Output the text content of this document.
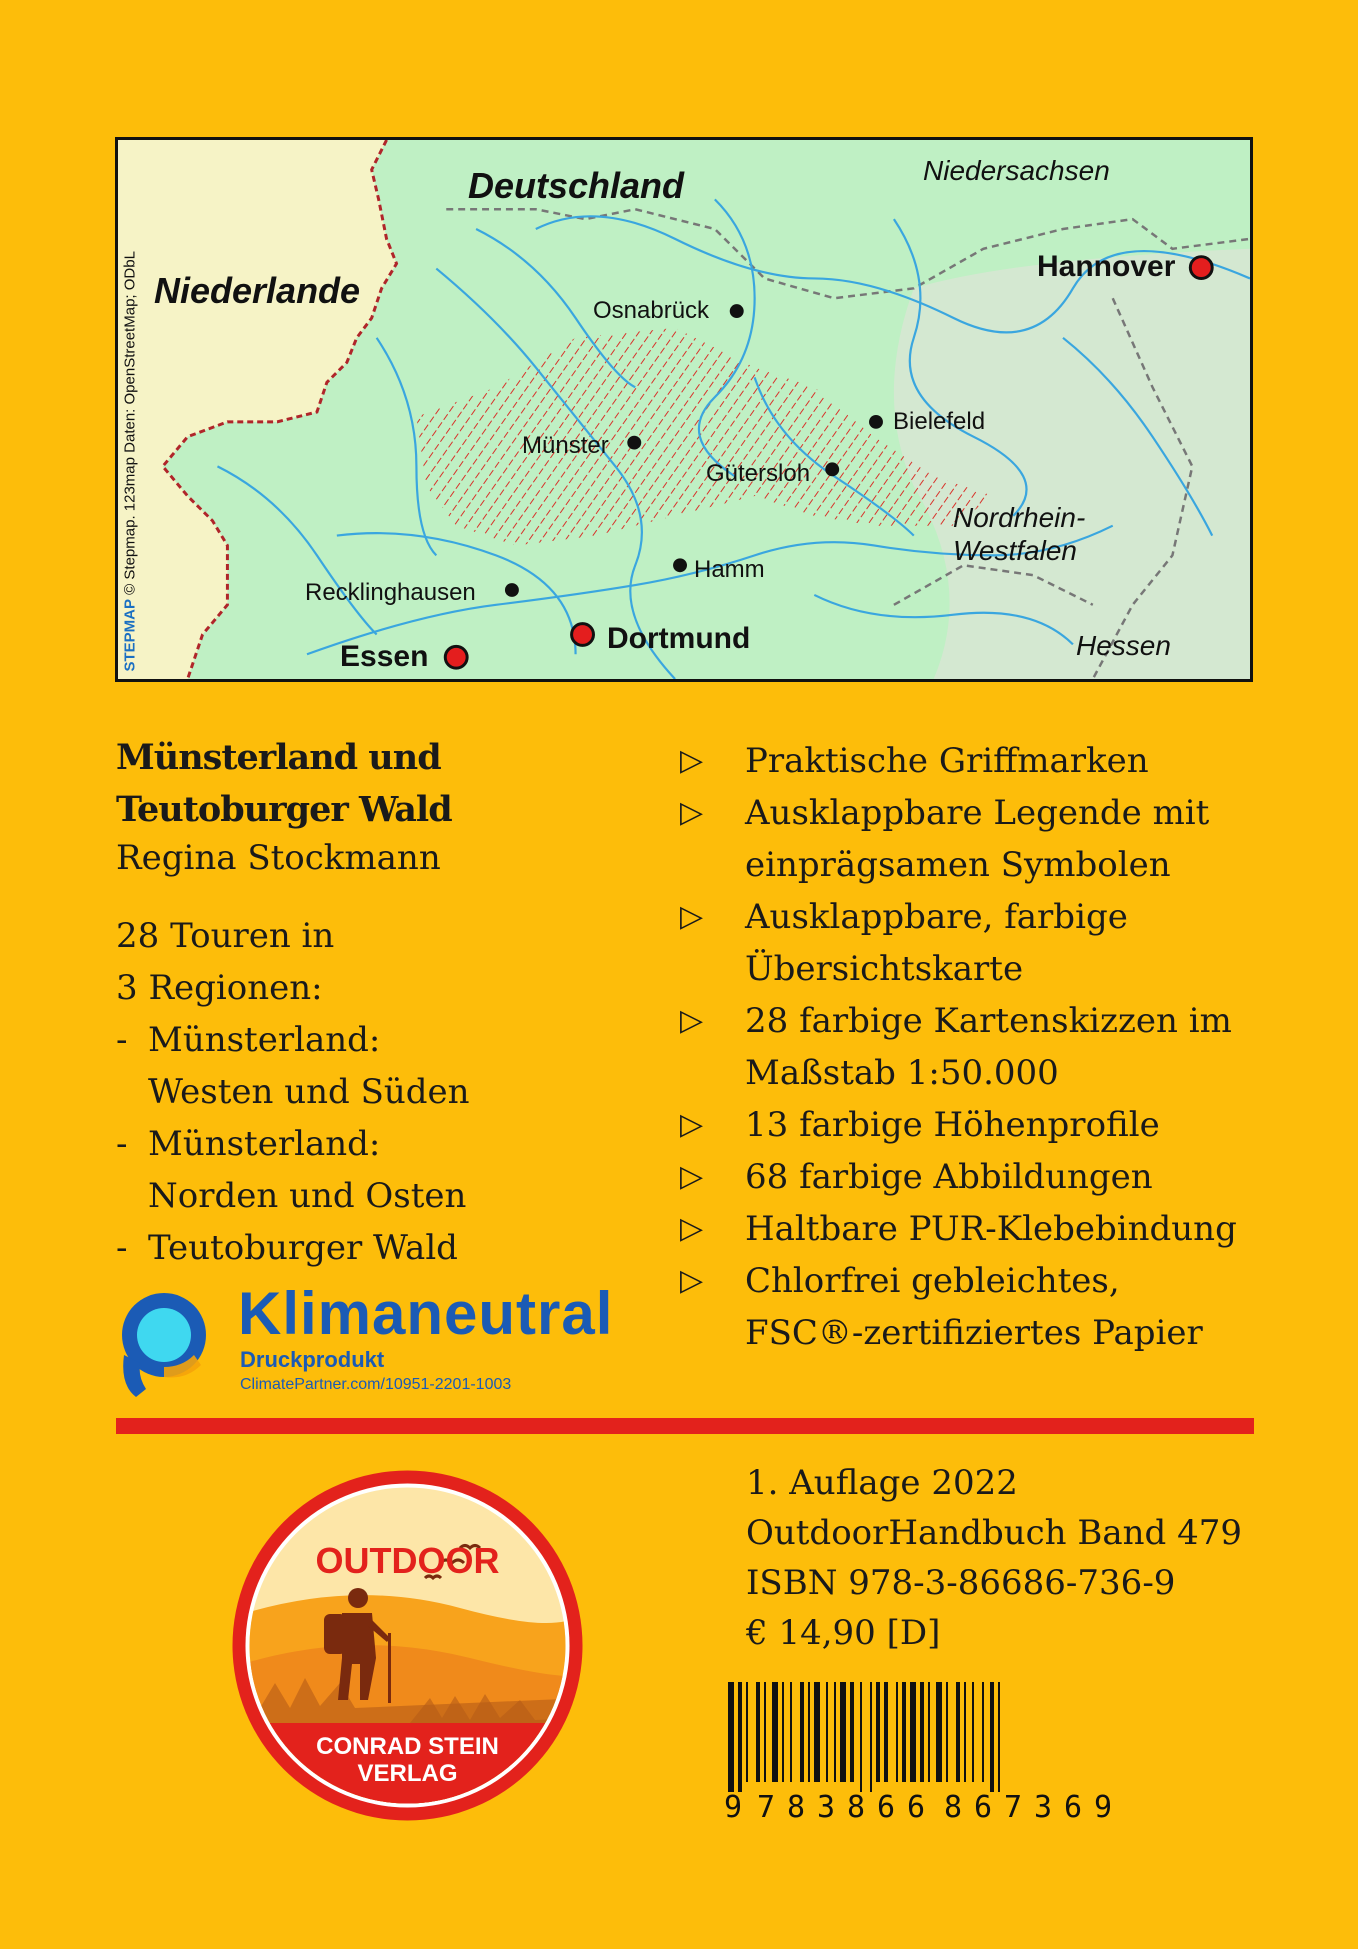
STEPMAP © Stepmap. 123map Daten: OpenStreetMap; ODbL
Deutschland
Niederlande
Niedersachsen
Nordrhein-
Westfalen
Hessen
Osnabrück
Bielefeld
Münster
Gütersloh
Hamm
Recklinghausen
Hannover
Essen
Dortmund
Münsterland und
Teutoburger Wald
Regina Stockmann
28 Touren in
3 Regionen:
- Münsterland:
Westen und Süden
- Münsterland:
Norden und Osten
- Teutoburger Wald
▷	Praktische Griffmarken
▷	Ausklappbare Legende mit
einprägsamen Symbolen
▷	Ausklappbare, farbige
Übersichtskarte
▷	28 farbige Kartenskizzen im
Maßstab 1:50.000
▷	13 farbige Höhenprofile
▷	68 farbige Abbildungen
▷	Haltbare PUR-Klebebindung
▷	Chlorfrei gebleichtes,
FSC®-zertifiziertes Papier
Klimaneutral
Druckprodukt
ClimatePartner.com/10951-2201-1003
OUTDOOR
CONRAD STEIN
VERLAG
1. Auflage 2022
OutdoorHandbuch Band 479
ISBN 978-3-86686-736-9
€ 14,90 [D]
9 7 8 3 8 6 6 8 6 7 3 6 9
